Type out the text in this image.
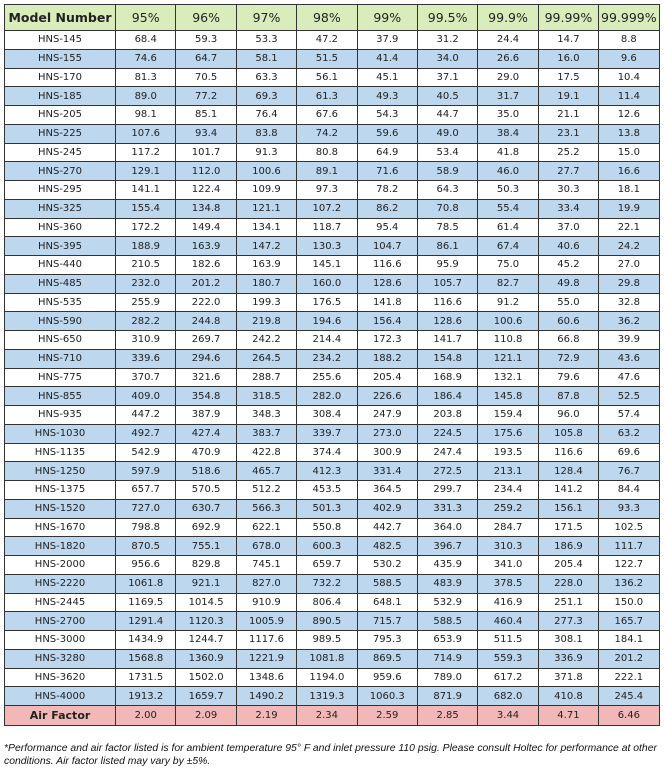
Model Number	95%	96%	97%	98%	99%	99.5%	99.9%	99.99%	99.999%
HNS-145	68.4	59.3	53.3	47.2	37.9	31.2	24.4	14.7	8.8
HNS-155	74.6	64.7	58.1	51.5	41.4	34.0	26.6	16.0	9.6
HNS-170	81.3	70.5	63.3	56.1	45.1	37.1	29.0	17.5	10.4
HNS-185	89.0	77.2	69.3	61.3	49.3	40.5	31.7	19.1	11.4
HNS-205	98.1	85.1	76.4	67.6	54.3	44.7	35.0	21.1	12.6
HNS-225	107.6	93.4	83.8	74.2	59.6	49.0	38.4	23.1	13.8
HNS-245	117.2	101.7	91.3	80.8	64.9	53.4	41.8	25.2	15.0
HNS-270	129.1	112.0	100.6	89.1	71.6	58.9	46.0	27.7	16.6
HNS-295	141.1	122.4	109.9	97.3	78.2	64.3	50.3	30.3	18.1
HNS-325	155.4	134.8	121.1	107.2	86.2	70.8	55.4	33.4	19.9
HNS-360	172.2	149.4	134.1	118.7	95.4	78.5	61.4	37.0	22.1
HNS-395	188.9	163.9	147.2	130.3	104.7	86.1	67.4	40.6	24.2
HNS-440	210.5	182.6	163.9	145.1	116.6	95.9	75.0	45.2	27.0
HNS-485	232.0	201.2	180.7	160.0	128.6	105.7	82.7	49.8	29.8
HNS-535	255.9	222.0	199.3	176.5	141.8	116.6	91.2	55.0	32.8
HNS-590	282.2	244.8	219.8	194.6	156.4	128.6	100.6	60.6	36.2
HNS-650	310.9	269.7	242.2	214.4	172.3	141.7	110.8	66.8	39.9
HNS-710	339.6	294.6	264.5	234.2	188.2	154.8	121.1	72.9	43.6
HNS-775	370.7	321.6	288.7	255.6	205.4	168.9	132.1	79.6	47.6
HNS-855	409.0	354.8	318.5	282.0	226.6	186.4	145.8	87.8	52.5
HNS-935	447.2	387.9	348.3	308.4	247.9	203.8	159.4	96.0	57.4
HNS-1030	492.7	427.4	383.7	339.7	273.0	224.5	175.6	105.8	63.2
HNS-1135	542.9	470.9	422.8	374.4	300.9	247.4	193.5	116.6	69.6
HNS-1250	597.9	518.6	465.7	412.3	331.4	272.5	213.1	128.4	76.7
HNS-1375	657.7	570.5	512.2	453.5	364.5	299.7	234.4	141.2	84.4
HNS-1520	727.0	630.7	566.3	501.3	402.9	331.3	259.2	156.1	93.3
HNS-1670	798.8	692.9	622.1	550.8	442.7	364.0	284.7	171.5	102.5
HNS-1820	870.5	755.1	678.0	600.3	482.5	396.7	310.3	186.9	111.7
HNS-2000	956.6	829.8	745.1	659.7	530.2	435.9	341.0	205.4	122.7
HNS-2220	1061.8	921.1	827.0	732.2	588.5	483.9	378.5	228.0	136.2
HNS-2445	1169.5	1014.5	910.9	806.4	648.1	532.9	416.9	251.1	150.0
HNS-2700	1291.4	1120.3	1005.9	890.5	715.7	588.5	460.4	277.3	165.7
HNS-3000	1434.9	1244.7	1117.6	989.5	795.3	653.9	511.5	308.1	184.1
HNS-3280	1568.8	1360.9	1221.9	1081.8	869.5	714.9	559.3	336.9	201.2
HNS-3620	1731.5	1502.0	1348.6	1194.0	959.6	789.0	617.2	371.8	222.1
HNS-4000	1913.2	1659.7	1490.2	1319.3	1060.3	871.9	682.0	410.8	245.4
Air Factor	2.00	2.09	2.19	2.34	2.59	2.85	3.44	4.71	6.46
*Performance and air factor listed is for ambient temperature 95° F and inlet pressure 110 psig. Please consult Holtec for performance at other conditions. Air factor listed may vary by ±5%.
